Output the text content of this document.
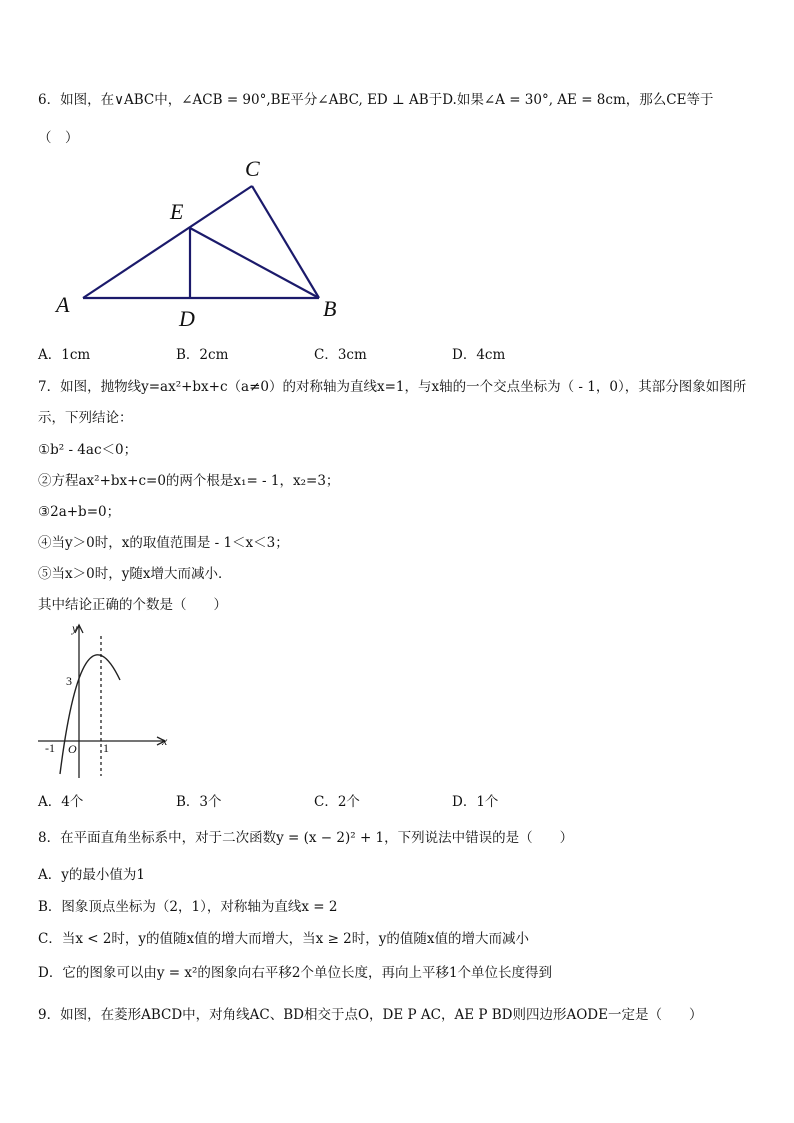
6．如图，在∨ABC中，∠ACB = 90°,BE平分∠ABC, ED ⊥ AB于D.如果∠A = 30°, AE = 8cm，那么CE等于
（　）
A	B
C
D
E
A．1cm	B．2cm	C．3cm	D．4cm
7．如图，抛物线y=ax²+bx+c（a≠0）的对称轴为直线x=1，与x轴的一个交点坐标为（ - 1，0），其部分图象如图所
示，下列结论：
①b² - 4ac＜0；
②方程ax²+bx+c=0的两个根是x₁= - 1，x₂=3；
③2a+b=0；
④当y＞0时，x的取值范围是 - 1＜x＜3；
⑤当x＞0时，y随x增大而减小．
其中结论正确的个数是（　　）
y
x
3
-1 O 1
A．4个	B．3个	C．2个	D．1个
8．在平面直角坐标系中，对于二次函数y = (x − 2)² + 1，下列说法中错误的是（　　）
A．y的最小值为1
B．图象顶点坐标为（2，1），对称轴为直线x = 2
C．当x < 2时，y的值随x值的增大而增大，当x ≥ 2时，y的值随x值的增大而减小
D．它的图象可以由y = x²的图象向右平移2个单位长度，再向上平移1个单位长度得到
9．如图，在菱形ABCD中，对角线AC、BD相交于点O，DE P AC，AE P BD则四边形AODE一定是（　　）
